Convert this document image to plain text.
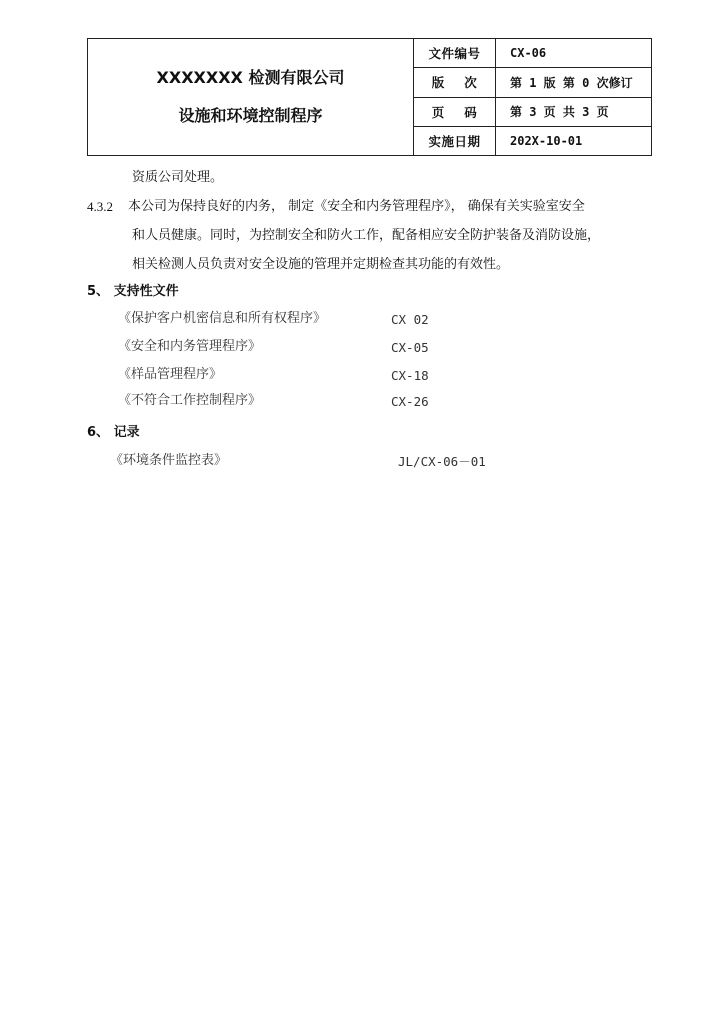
XXXXXXX 检测有限公司
设施和环境控制程序
文件编号	CX-06
版    次	第 1 版 第 0 次修订
页    码	第 3 页 共 3 页
实施日期	202X-10-01
资质公司处理。
4.3.2 本公司为保持良好的内务， 制定《安全和内务管理程序》， 确保有关实验室安全
和人员健康。同时，为控制安全和防火工作，配备相应安全防护装备及消防设施，
相关检测人员负责对安全设施的管理并定期检查其功能的有效性。
5、 支持性文件
《保护客户机密信息和所有权程序》	CX 02
《安全和内务管理程序》	CX-05
《样品管理程序》	CX-18
《不符合工作控制程序》	CX-26
6、 记录
《环境条件监控表》	JL/CX-06－01
